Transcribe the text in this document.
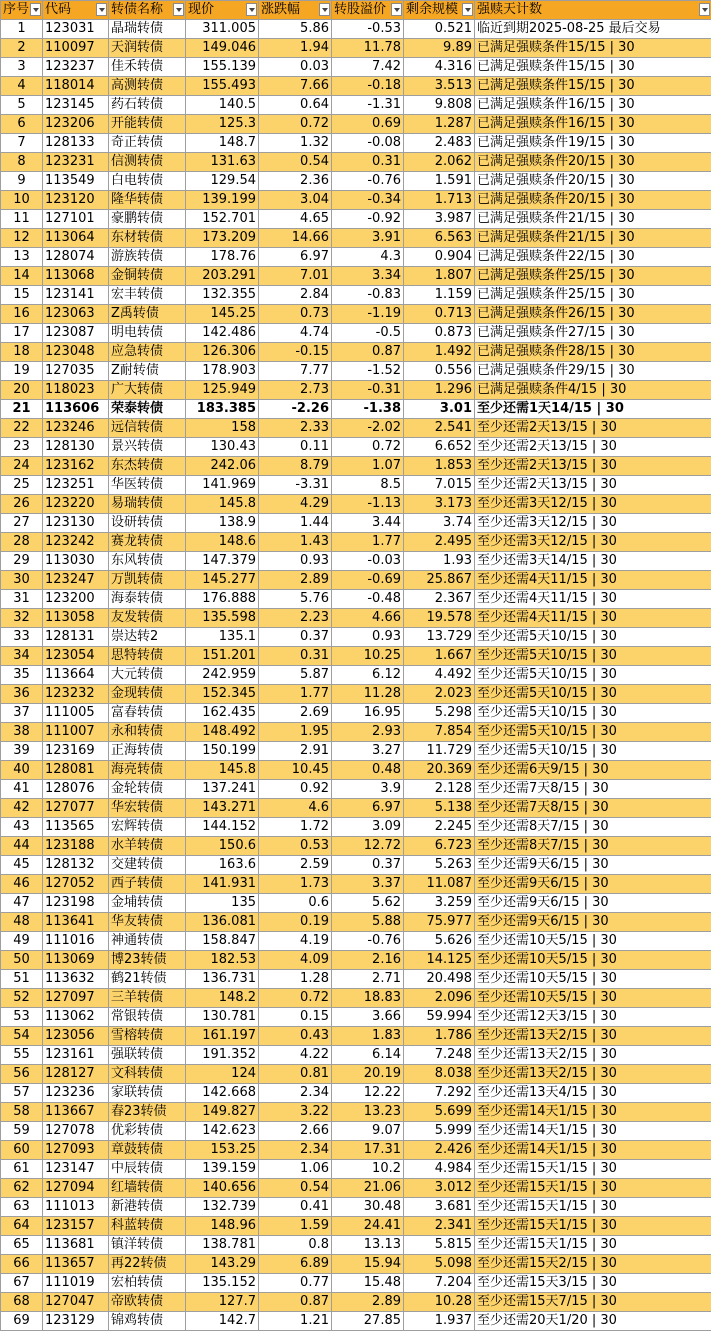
序号	代码	转债名称	现价	涨跌幅	转股溢价	剩余规模	强赎天计数

1	123031	晶瑞转债	311.005	5.86	-0.53	0.521	临近到期2025-08-25 最后交易
2	110097	天润转债	149.046	1.94	11.78	9.89	已满足强赎条件15/15 | 30
3	123237	佳禾转债	155.139	0.03	7.42	4.316	已满足强赎条件15/15 | 30
4	118014	高测转债	155.493	7.66	-0.18	3.513	已满足强赎条件15/15 | 30
5	123145	药石转债	140.5	0.64	-1.31	9.808	已满足强赎条件16/15 | 30
6	123206	开能转债	125.3	0.72	0.69	1.287	已满足强赎条件16/15 | 30
7	128133	奇正转债	148.7	1.32	-0.08	2.483	已满足强赎条件19/15 | 30
8	123231	信测转债	131.63	0.54	0.31	2.062	已满足强赎条件20/15 | 30
9	113549	白电转债	129.54	2.36	-0.76	1.591	已满足强赎条件20/15 | 30
10	123120	隆华转债	139.199	3.04	-0.34	1.713	已满足强赎条件20/15 | 30
11	127101	豪鹏转债	152.701	4.65	-0.92	3.987	已满足强赎条件21/15 | 30
12	113064	东材转债	173.209	14.66	3.91	6.563	已满足强赎条件21/15 | 30
13	128074	游族转债	178.76	6.97	4.3	0.904	已满足强赎条件22/15 | 30
14	113068	金铜转债	203.291	7.01	3.34	1.807	已满足强赎条件25/15 | 30
15	123141	宏丰转债	132.355	2.84	-0.83	1.159	已满足强赎条件25/15 | 30
16	123063	Z禹转债	145.25	0.73	-1.19	0.713	已满足强赎条件26/15 | 30
17	123087	明电转债	142.486	4.74	-0.5	0.873	已满足强赎条件27/15 | 30
18	123048	应急转债	126.306	-0.15	0.87	1.492	已满足强赎条件28/15 | 30
19	127035	Z耐转债	178.903	7.77	-1.52	0.556	已满足强赎条件29/15 | 30
20	118023	广大转债	125.949	2.73	-0.31	1.296	已满足强赎条件4/15 | 30
21	113606	荣泰转债	183.385	-2.26	-1.38	3.01	至少还需1天14/15 | 30
22	123246	远信转债	158	2.33	-2.02	2.541	至少还需2天13/15 | 30
23	128130	景兴转债	130.43	0.11	0.72	6.652	至少还需2天13/15 | 30
24	123162	东杰转债	242.06	8.79	1.07	1.853	至少还需2天13/15 | 30
25	123251	华医转债	141.969	-3.31	8.5	7.015	至少还需2天13/15 | 30
26	123220	易瑞转债	145.8	4.29	-1.13	3.173	至少还需3天12/15 | 30
27	123130	设研转债	138.9	1.44	3.44	3.74	至少还需3天12/15 | 30
28	123242	赛龙转债	148.6	1.43	1.77	2.495	至少还需3天12/15 | 30
29	113030	东风转债	147.379	0.93	-0.03	1.93	至少还需3天14/15 | 30
30	123247	万凯转债	145.277	2.89	-0.69	25.867	至少还需4天11/15 | 30
31	123200	海泰转债	176.888	5.76	-0.48	2.367	至少还需4天11/15 | 30
32	113058	友发转债	135.598	2.23	4.66	19.578	至少还需4天11/15 | 30
33	128131	崇达转2	135.1	0.37	0.93	13.729	至少还需5天10/15 | 30
34	123054	思特转债	151.201	0.31	10.25	1.667	至少还需5天10/15 | 30
35	113664	大元转债	242.959	5.87	6.12	4.492	至少还需5天10/15 | 30
36	123232	金现转债	152.345	1.77	11.28	2.023	至少还需5天10/15 | 30
37	111005	富春转债	162.435	2.69	16.95	5.298	至少还需5天10/15 | 30
38	111007	永和转债	148.492	1.95	2.93	7.854	至少还需5天10/15 | 30
39	123169	正海转债	150.199	2.91	3.27	11.729	至少还需5天10/15 | 30
40	128081	海亮转债	145.8	10.45	0.48	20.369	至少还需6天9/15 | 30
41	128076	金轮转债	137.241	0.92	3.9	2.128	至少还需7天8/15 | 30
42	127077	华宏转债	143.271	4.6	6.97	5.138	至少还需7天8/15 | 30
43	113565	宏辉转债	144.152	1.72	3.09	2.245	至少还需8天7/15 | 30
44	123188	水羊转债	150.6	0.53	12.72	6.723	至少还需8天7/15 | 30
45	128132	交建转债	163.6	2.59	0.37	5.263	至少还需9天6/15 | 30
46	127052	西子转债	141.931	1.73	3.37	11.087	至少还需9天6/15 | 30
47	123198	金埔转债	135	0.6	5.62	3.259	至少还需9天6/15 | 30
48	113641	华友转债	136.081	0.19	5.88	75.977	至少还需9天6/15 | 30
49	111016	神通转债	158.847	4.19	-0.76	5.626	至少还需10天5/15 | 30
50	113069	博23转债	182.53	4.09	2.16	14.125	至少还需10天5/15 | 30
51	113632	鹤21转债	136.731	1.28	2.71	20.498	至少还需10天5/15 | 30
52	127097	三羊转债	148.2	0.72	18.83	2.096	至少还需10天5/15 | 30
53	113062	常银转债	130.781	0.15	3.66	59.994	至少还需12天3/15 | 30
54	123056	雪榕转债	161.197	0.43	1.83	1.786	至少还需13天2/15 | 30
55	123161	强联转债	191.352	4.22	6.14	7.248	至少还需13天2/15 | 30
56	128127	文科转债	124	0.81	20.19	8.038	至少还需13天2/15 | 30
57	123236	家联转债	142.668	2.34	12.22	7.292	至少还需13天4/15 | 30
58	113667	春23转债	149.827	3.22	13.23	5.699	至少还需14天1/15 | 30
59	127078	优彩转债	142.623	2.66	9.07	5.999	至少还需14天1/15 | 30
60	127093	章鼓转债	153.25	2.34	17.31	2.426	至少还需14天1/15 | 30
61	123147	中辰转债	139.159	1.06	10.2	4.984	至少还需15天1/15 | 30
62	127094	红墙转债	140.656	0.54	21.06	3.012	至少还需15天1/15 | 30
63	111013	新港转债	132.739	0.41	30.48	3.681	至少还需15天1/15 | 30
64	123157	科蓝转债	148.96	1.59	24.41	2.341	至少还需15天1/15 | 30
65	113681	镇洋转债	138.781	0.8	13.13	5.815	至少还需15天1/15 | 30
66	113657	再22转债	143.29	6.89	15.94	5.098	至少还需15天2/15 | 30
67	111019	宏柏转债	135.152	0.77	15.48	7.204	至少还需15天3/15 | 30
68	127047	帝欧转债	127.7	0.87	2.89	10.28	至少还需15天7/15 | 30
69	123129	锦鸡转债	142.7	1.21	27.85	1.937	至少还需20天1/20 | 30
